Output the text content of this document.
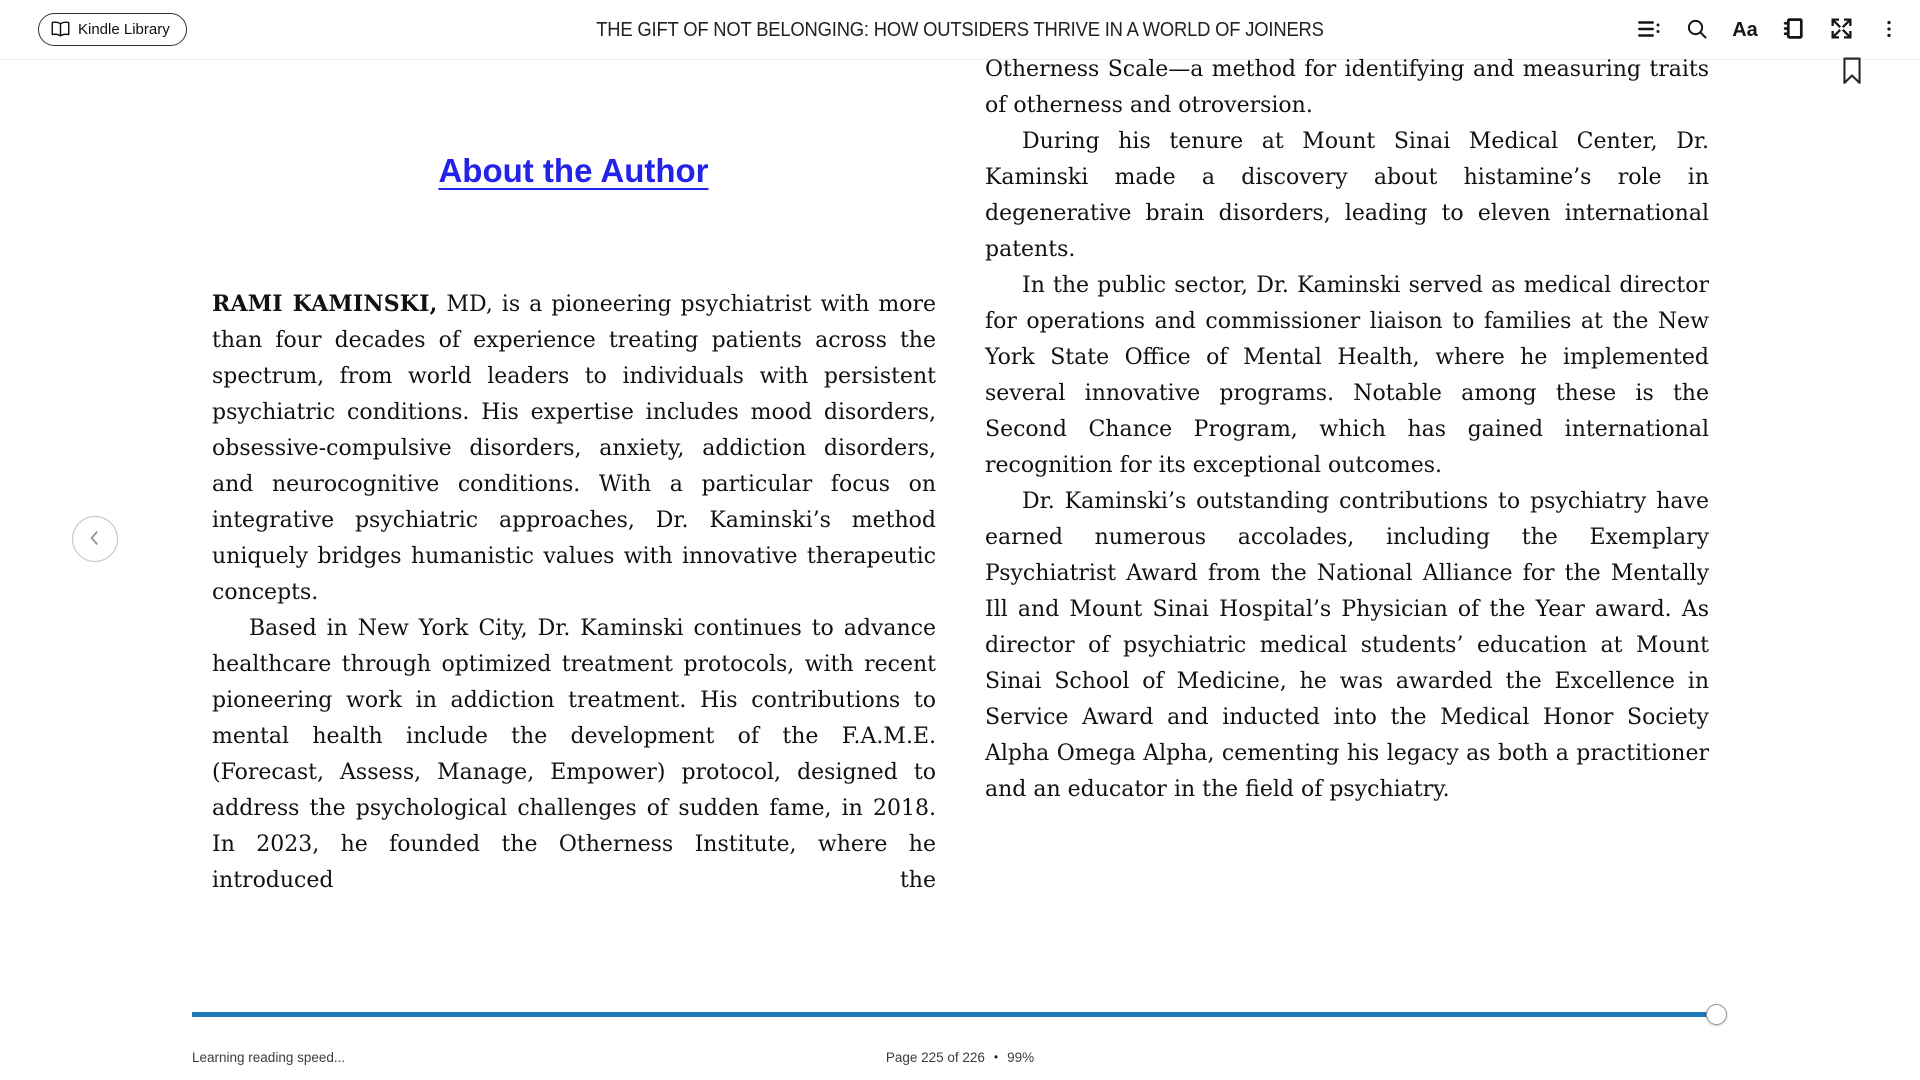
Kindle Library	THE GIFT OF NOT BELONGING: HOW OUTSIDERS THRIVE IN A WORLD OF JOINERS	Aa
About the Author

RAMI KAMINSKI, MD, is a pioneering psychiatrist with more than four decades of experience treating patients across the spectrum, from world leaders to individuals with persistent psychiatric conditions. His expertise includes mood disorders, obsessive-compulsive disorders, anxiety, addiction disorders, and neurocognitive conditions. With a particular focus on integrative psychiatric approaches, Dr. Kaminski’s method uniquely bridges humanistic values with innovative therapeutic concepts.

Based in New York City, Dr. Kaminski continues to advance healthcare through optimized treatment protocols, with recent pioneering work in addiction treatment. His contributions to mental health include the development of the F.A.M.E. (Forecast, Assess, Manage, Empower) protocol, designed to address the psychological challenges of sudden fame, in 2018. In 2023, he founded the Otherness Institute, where he introduced the

Otherness Scale—a method for identifying and measuring traits of otherness and otroversion.

During his tenure at Mount Sinai Medical Center, Dr. Kaminski made a discovery about histamine’s role in degenerative brain disorders, leading to eleven international patents.

In the public sector, Dr. Kaminski served as medical director for operations and commissioner liaison to families at the New York State Office of Mental Health, where he implemented several innovative programs. Notable among these is the Second Chance Program, which has gained international recognition for its exceptional outcomes.

Dr. Kaminski’s outstanding contributions to psychiatry have earned numerous accolades, including the Exemplary Psychiatrist Award from the National Alliance for the Mentally Ill and Mount Sinai Hospital’s Physician of the Year award. As director of psychiatric medical students’ education at Mount Sinai School of Medicine, he was awarded the Excellence in Service Award and inducted into the Medical Honor Society Alpha Omega Alpha, cementing his legacy as both a practitioner and an educator in the field of psychiatry.

Learning reading speed...	Page 225 of 226 • 99%
